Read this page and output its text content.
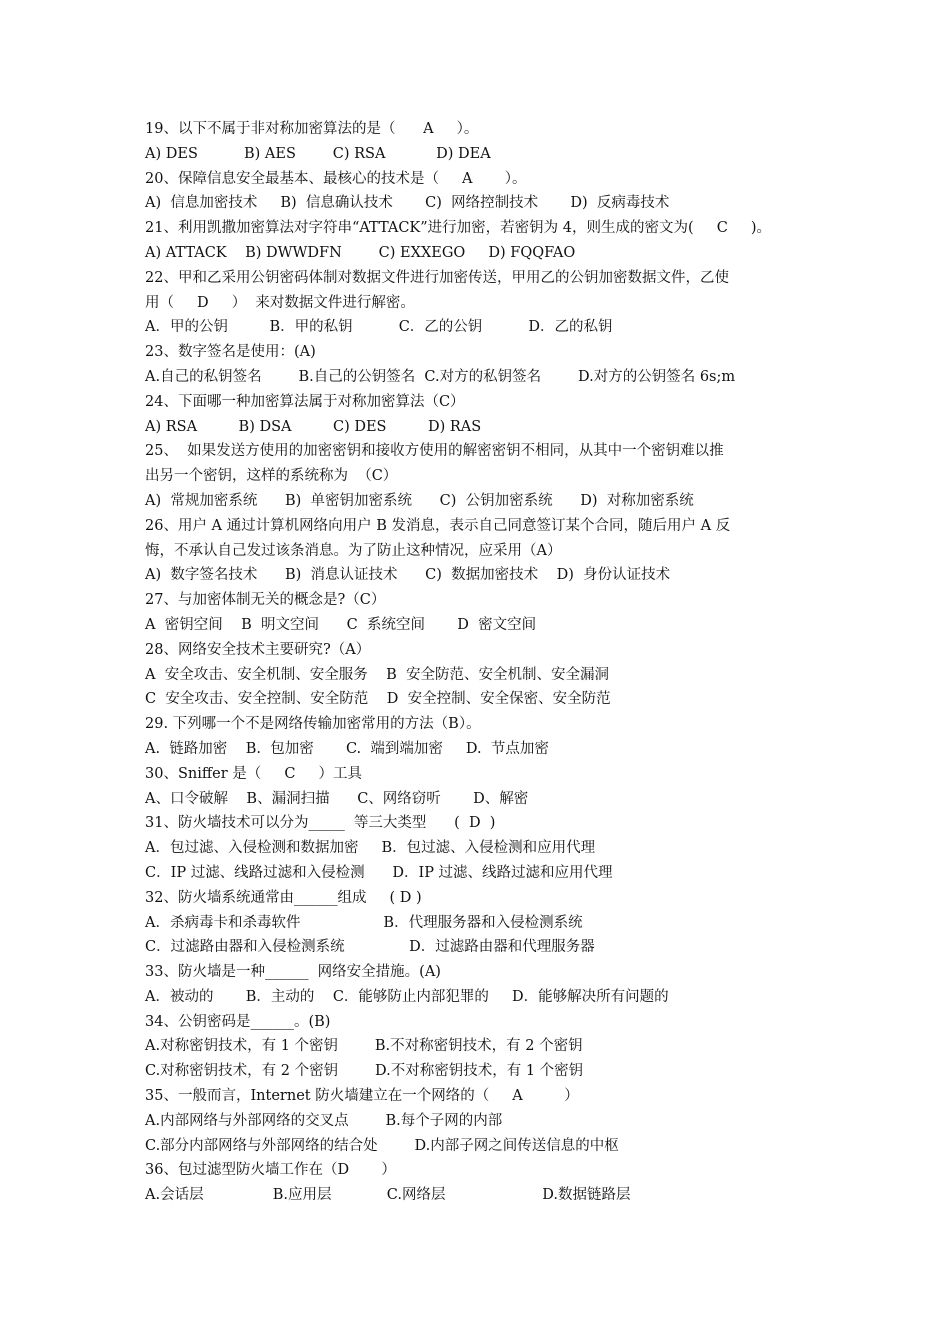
19、以下不属于非对称加密算法的是（      A     ）。
A) DES          B) AES        C) RSA           D) DEA
20、保障信息安全最基本、最核心的技术是（     A       ）。
A)  信息加密技术     B)  信息确认技术       C)  网络控制技术       D)  反病毒技术
21、利用凯撒加密算法对字符串“ATTACK”进行加密，若密钥为 4，则生成的密文为(     C     )。
A) ATTACK    B) DWWDFN        C) EXXEGO     D) FQQFAO
22、甲和乙采用公钥密码体制对数据文件进行加密传送，甲用乙的公钥加密数据文件，乙使
用（     D     ）  来对数据文件进行解密。
A．甲的公钥         B．甲的私钥          C．乙的公钥          D．乙的私钥
23、数字签名是使用：(A)
A.自己的私钥签名        B.自己的公钥签名  C.对方的私钥签名        D.对方的公钥签名 6s;m
24、下面哪一种加密算法属于对称加密算法（C）
A) RSA         B) DSA         C) DES         D) RAS
25、  如果发送方使用的加密密钥和接收方使用的解密密钥不相同，从其中一个密钥难以推
出另一个密钥，这样的系统称为  （C）
A)  常规加密系统      B)  单密钥加密系统      C)  公钥加密系统      D)  对称加密系统
26、用户 A 通过计算机网络向用户 B 发消息，表示自己同意签订某个合同，随后用户 A 反
悔，不承认自己发过该条消息。为了防止这种情况，应采用（A）
A)  数字签名技术      B)  消息认证技术      C)  数据加密技术    D)  身份认证技术
27、与加密体制无关的概念是?（C）
A  密钥空间    B  明文空间      C  系统空间       D  密文空间
28、网络安全技术主要研究?（A）
A  安全攻击、安全机制、安全服务    B  安全防范、安全机制、安全漏洞
C  安全攻击、安全控制、安全防范    D  安全控制、安全保密、安全防范
29. 下列哪一个不是网络传输加密常用的方法（B）。
A.  链路加密    B.  包加密       C.  端到端加密     D.  节点加密
30、Sniffer 是（     C     ）工具
A、口令破解    B、漏洞扫描      C、网络窃听       D、解密
31、防火墙技术可以分为_____  等三大类型      (  D  )
A．包过滤、入侵检测和数据加密     B．包过滤、入侵检测和应用代理
C．IP 过滤、线路过滤和入侵检测      D．IP 过滤、线路过滤和应用代理
32、防火墙系统通常由______组成     ( D )
A．杀病毒卡和杀毒软件                  B．代理服务器和入侵检测系统
C．过滤路由器和入侵检测系统              D．过滤路由器和代理服务器
33、防火墙是一种______  网络安全措施。(A)
A．被动的       B．主动的    C．能够防止内部犯罪的     D．能够解决所有问题的
34、公钥密码是______。(B)
A.对称密钥技术，有 1 个密钥        B.不对称密钥技术，有 2 个密钥
C.对称密钥技术，有 2 个密钥        D.不对称密钥技术，有 1 个密钥
35、一般而言，Internet 防火墙建立在一个网络的（     A         ）
A.内部网络与外部网络的交叉点        B.每个子网的内部
C.部分内部网络与外部网络的结合处        D.内部子网之间传送信息的中枢
36、包过滤型防火墙工作在（D       ）
A.会话层               B.应用层            C.网络层                     D.数据链路层
